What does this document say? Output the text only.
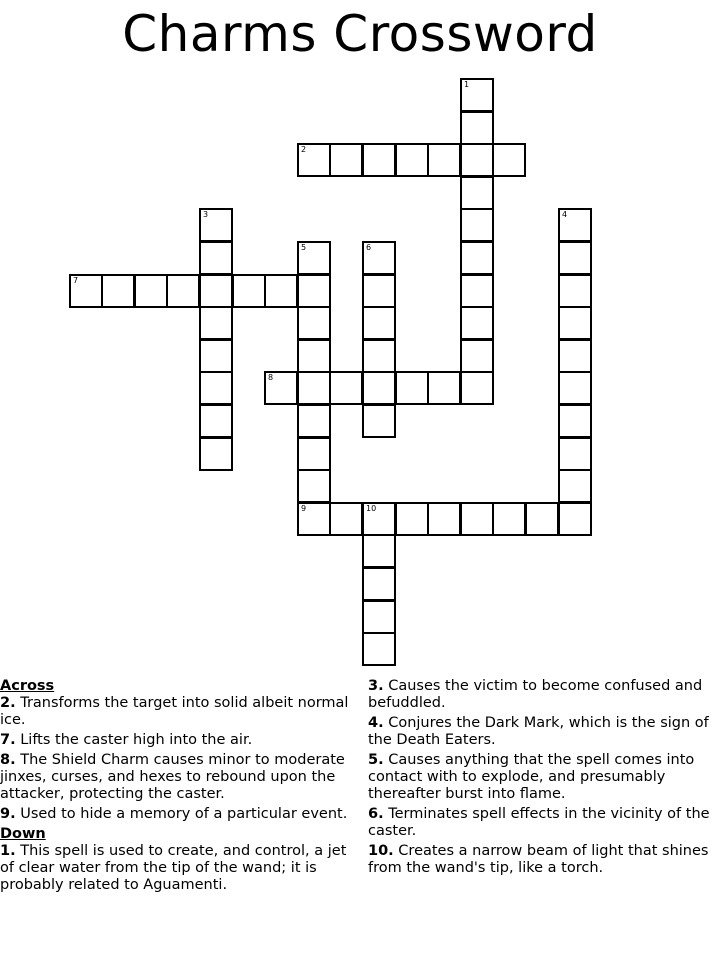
Charms Crossword
1
2
3	4
5	6
7
8
9	10
Across
2. Transforms the target into solid albeit normal ice.
7. Lifts the caster high into the air.
8. The Shield Charm causes minor to moderate jinxes, curses, and hexes to rebound upon the attacker, protecting the caster.
9. Used to hide a memory of a particular event.
Down
1. This spell is used to create, and control, a jet of clear water from the tip of the wand; it is probably related to Aguamenti.
3. Causes the victim to become confused and befuddled.
4. Conjures the Dark Mark, which is the sign of the Death Eaters.
5. Causes anything that the spell comes into contact with to explode, and presumably thereafter burst into flame.
6. Terminates spell effects in the vicinity of the caster.
10. Creates a narrow beam of light that shines from the wand's tip, like a torch.
